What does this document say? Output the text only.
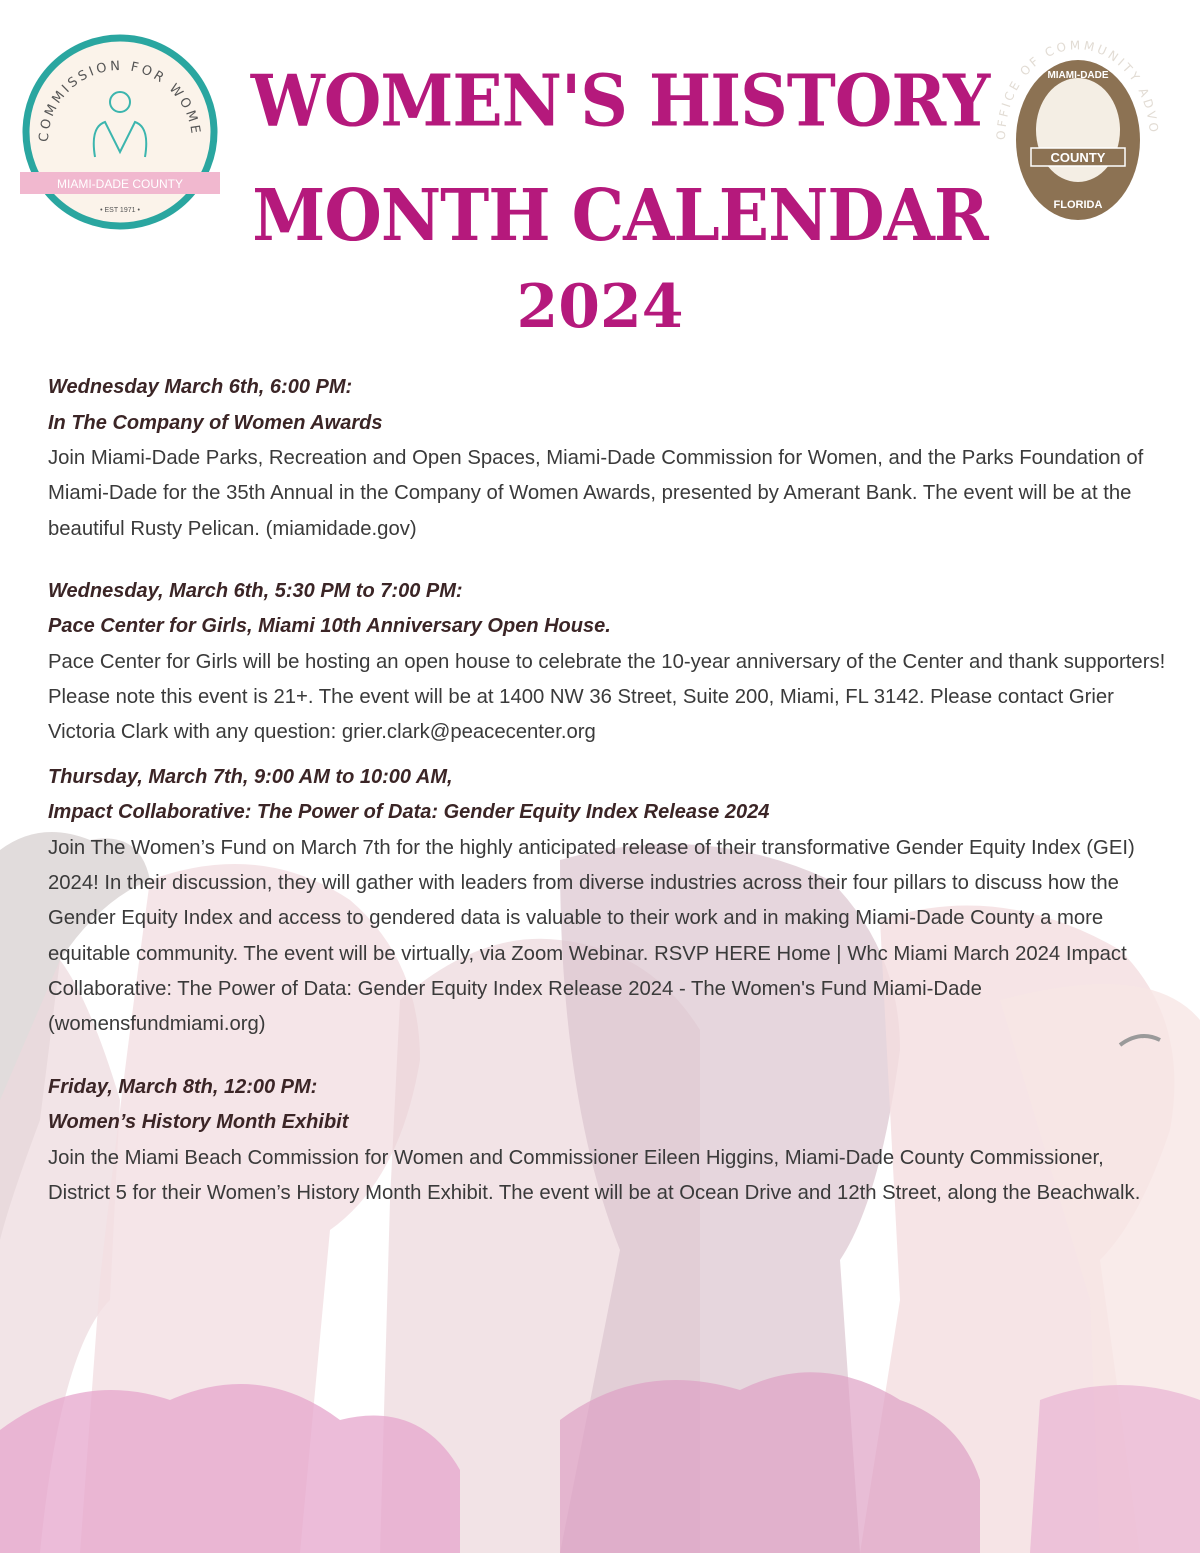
COMMISSION FOR WOME
MIAMI-DADE COUNTY
• EST 1971 •
WOMEN'S HISTORY
MONTH CALENDAR
2024
OFFICE OF COMMUNITY ADVO
MIAMI-DADE
COUNTY
FLORIDA
Wednesday March 6th, 6:00 PM:
In The Company of Women Awards
Join Miami-Dade Parks, Recreation and Open Spaces, Miami-Dade Commission for Women, and the Parks Foundation of Miami-Dade for the 35th Annual in the Company of Women Awards, presented by Amerant Bank. The event will be at the beautiful Rusty Pelican. (miamidade.gov)
Wednesday, March 6th, 5:30 PM to 7:00 PM:
Pace Center for Girls, Miami 10th Anniversary Open House.
Pace Center for Girls will be hosting an open house to celebrate the 10-year anniversary of the Center and thank supporters! Please note this event is 21+. The event will be at 1400 NW 36 Street, Suite 200, Miami, FL 3142. Please contact Grier Victoria Clark with any question: grier.clark@peacecenter.org
Thursday, March 7th, 9:00 AM to 10:00 AM,
Impact Collaborative: The Power of Data: Gender Equity Index Release 2024
Join The Women’s Fund on March 7th for the highly anticipated release of their transformative Gender Equity Index (GEI) 2024! In their discussion, they will gather with leaders from diverse industries across their four pillars to discuss how the Gender Equity Index and access to gendered data is valuable to their work and in making Miami-Dade County a more equitable community. The event will be virtually, via Zoom Webinar. RSVP HERE Home | Whc Miami March 2024 Impact Collaborative: The Power of Data: Gender Equity Index Release 2024 - The Women's Fund Miami-Dade (womensfundmiami.org)
Friday, March 8th, 12:00 PM:
Women’s History Month Exhibit
Join the Miami Beach Commission for Women and Commissioner Eileen Higgins, Miami-Dade County Commissioner, District 5 for their Women’s History Month Exhibit. The event will be at Ocean Drive and 12th Street, along the Beachwalk.
